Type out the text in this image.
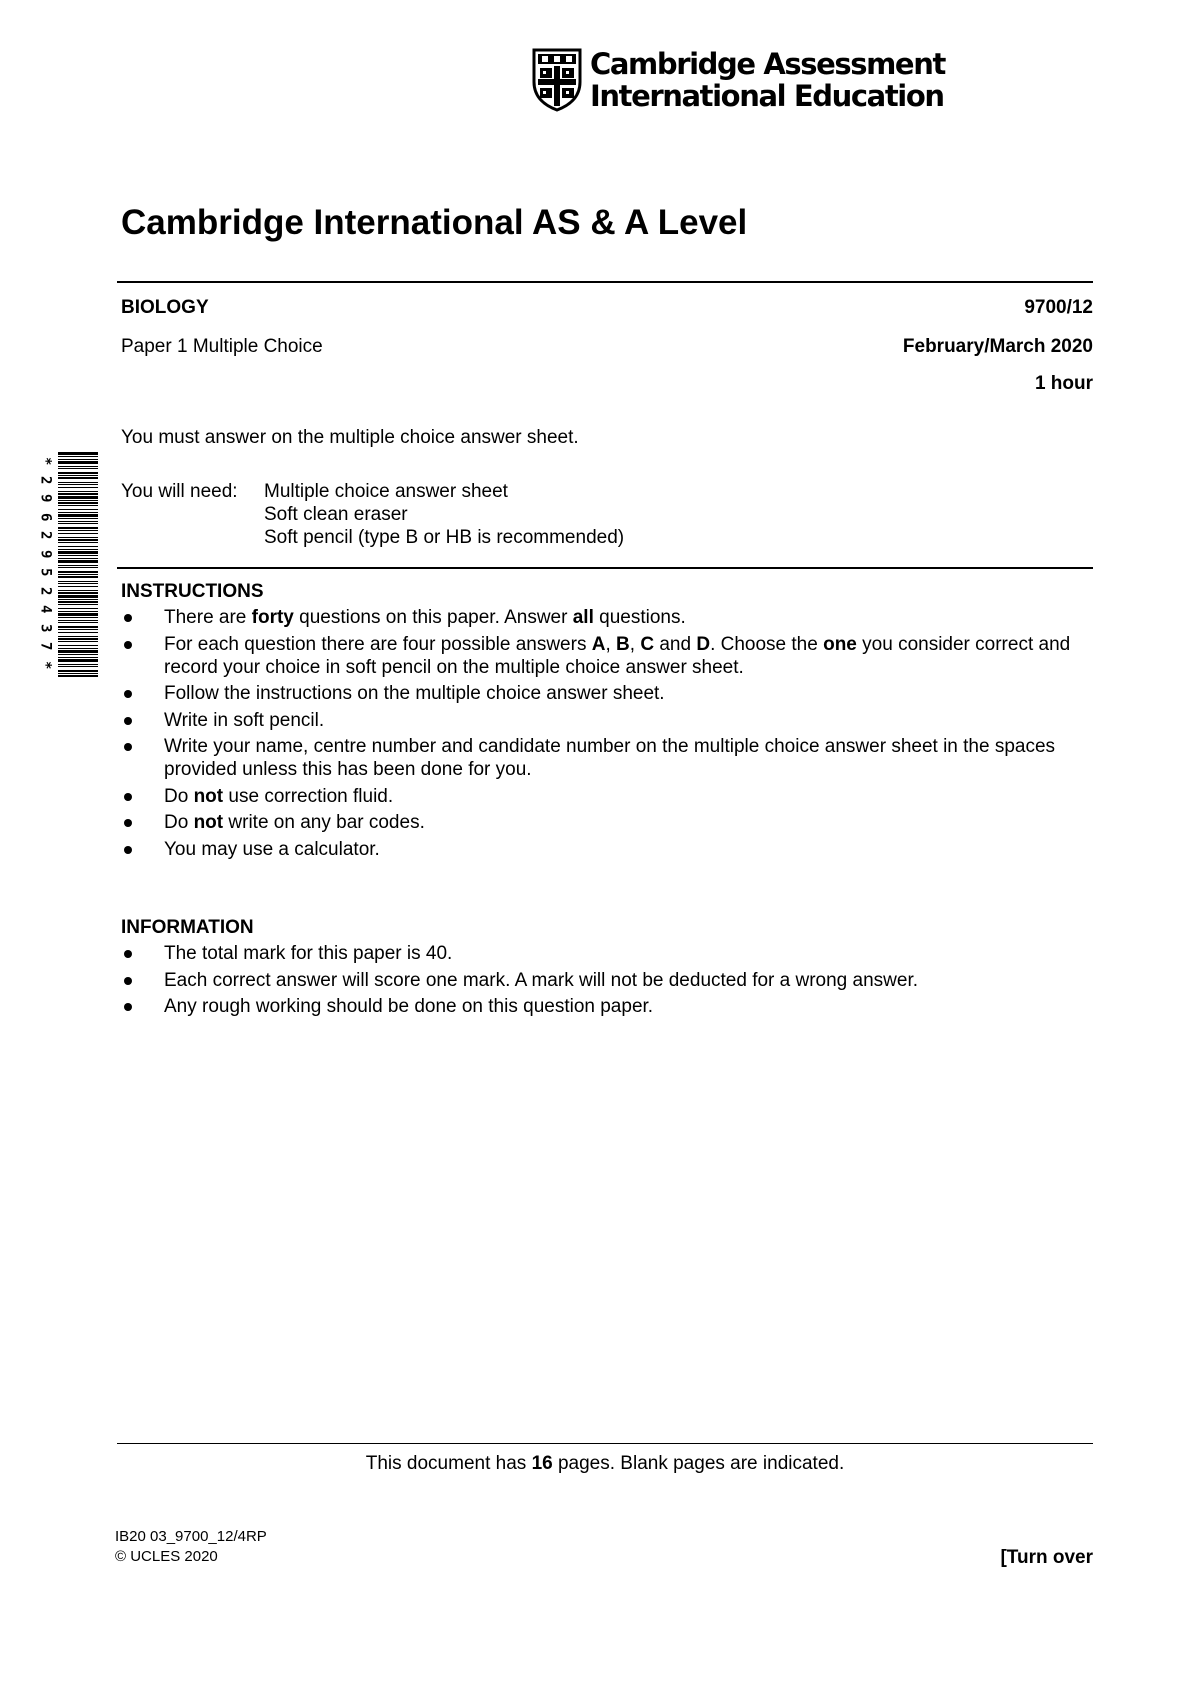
Cambridge Assessment
International Education
Cambridge International AS & A Level
BIOLOGY	9700/12
Paper 1 Multiple Choice	February/March 2020
1 hour
You must answer on the multiple choice answer sheet.
You will need:	Multiple choice answer sheet
Soft clean eraser
Soft pencil (type B or HB is recommended)
*
2
9
6
2
9
5
2
4
3
7
*
INSTRUCTIONS
There are forty questions on this paper. Answer all questions.
For each question there are four possible answers A, B, C and D. Choose the one you consider correct and record your choice in soft pencil on the multiple choice answer sheet.
Follow the instructions on the multiple choice answer sheet.
Write in soft pencil.
Write your name, centre number and candidate number on the multiple choice answer sheet in the spaces provided unless this has been done for you.
Do not use correction fluid.
Do not write on any bar codes.
You may use a calculator.
INFORMATION
The total mark for this paper is 40.
Each correct answer will score one mark. A mark will not be deducted for a wrong answer.
Any rough working should be done on this question paper.
This document has 16 pages. Blank pages are indicated.
IB20 03_9700_12/4RP
© UCLES 2020	[Turn over
